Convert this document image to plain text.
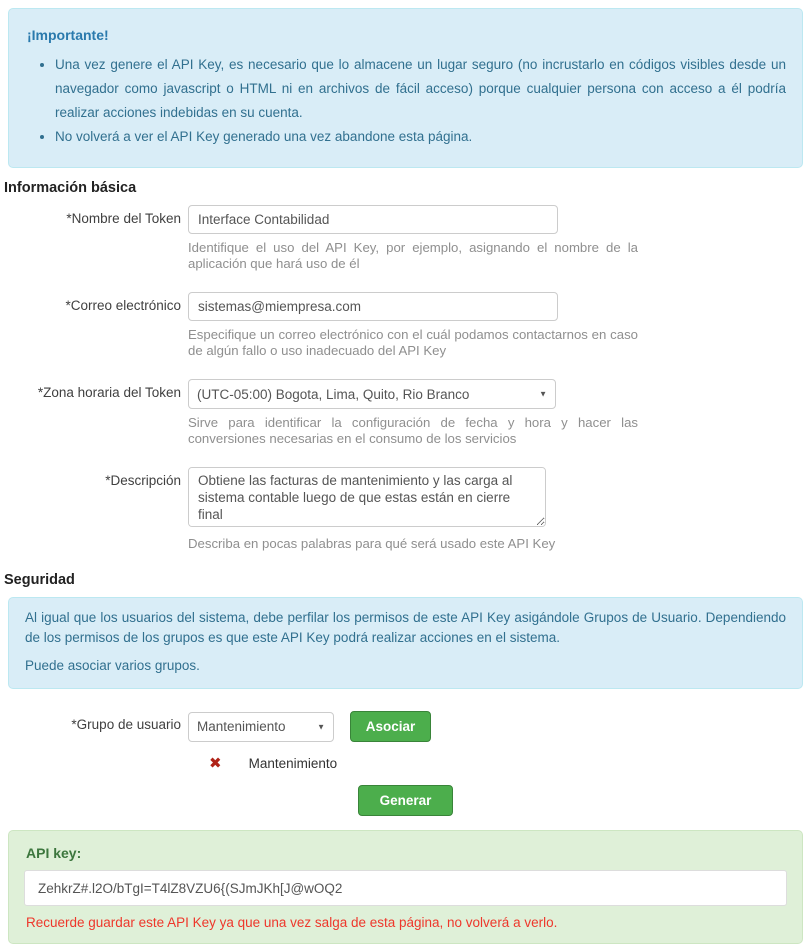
¡Importante!
• Una vez genere el API Key, es necesario que lo almacene un lugar seguro (no incrustarlo en códigos visibles desde un navegador como javascript o HTML ni en archivos de fácil acceso) porque cualquier persona con acceso a él podría realizar acciones indebidas en su cuenta.
• No volverá a ver el API Key generado una vez abandone esta página.
Información básica
*Nombre del Token
Interface Contabilidad

Identifique el uso del API Key, por ejemplo, asignando el nombre de la aplicación que hará uso de él

*Correo electrónico
sistemas@miempresa.com

Especifique un correo electrónico con el cuál podamos contactarnos en caso de algún fallo o uso inadecuado del API Key

*Zona horaria del Token
(UTC-05:00) Bogota, Lima, Quito, Rio Branco ▼

Sirve para identificar la configuración de fecha y hora y hacer las conversiones necesarias en el consumo de los servicios

*Descripción
Obtiene las facturas de mantenimiento y las carga al sistema contable luego de que estas están en cierre final

Describa en pocas palabras para qué será usado este API Key

Seguridad

Al igual que los usuarios del sistema, debe perfilar los permisos de este API Key asigándole Grupos de Usuario. Dependiendo de los permisos de los grupos es que este API Key podrá realizar acciones en el sistema.

Puede asociar varios grupos.

*Grupo de usuario
Mantenimiento ▼	Asociar
✖ Mantenimiento
Generar
API key:
ZehkrZ#.l2O/bTgI=T4lZ8VZU6{(SJmJKh[J@wOQ2
Recuerde guardar este API Key ya que una vez salga de esta página, no volverá a verlo.
